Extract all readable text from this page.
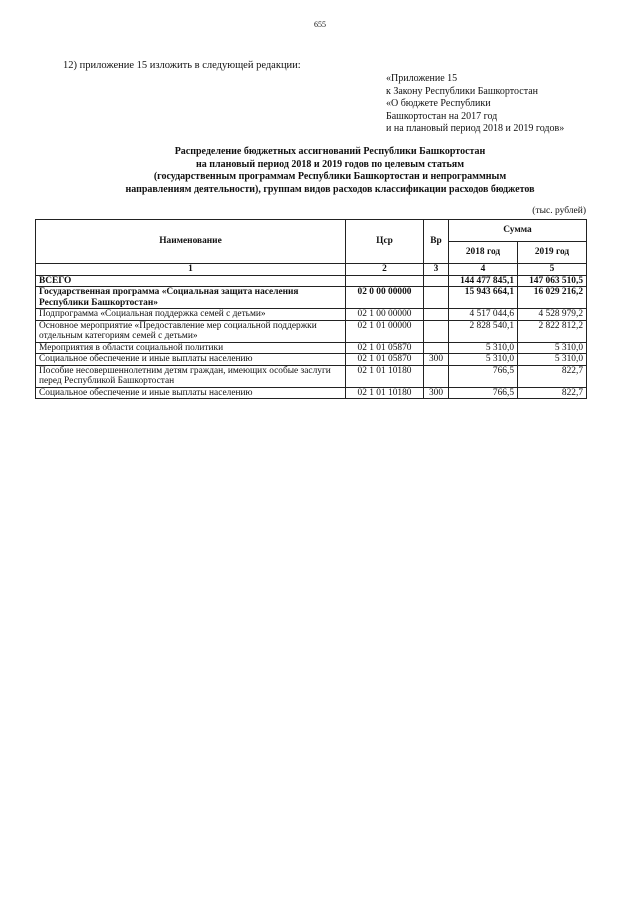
655
12) приложение 15 изложить в следующей редакции:
«Приложение 15
к Закону Республики Башкортостан
«О бюджете Республики
Башкортостан на 2017 год
и на плановый период 2018 и 2019 годов»
Распределение бюджетных ассигнований Республики Башкортостан
на плановый период 2018 и 2019 годов по целевым статьям
(государственным программам Республики Башкортостан и непрограммным
направлениям деятельности), группам видов расходов классификации расходов бюджетов
(тыс. рублей)
Наименование	Цср	Вр	Сумма	
			2018 год	2019 год
1	2	3	4	5
ВСЕГО			144 477 845,1	147 063 510,5
Государственная программа «Социальная защита населения Республики Башкортостан»	02 0 00 00000		15 943 664,1	16 029 216,2
Подпрограмма «Социальная поддержка семей с детьми»	02 1 00 00000		4 517 044,6	4 528 979,2
Основное мероприятие «Предоставление мер социальной поддержки отдельным категориям семей с детьми»	02 1 01 00000		2 828 540,1	2 822 812,2
Мероприятия в области социальной политики	02 1 01 05870		5 310,0	5 310,0
Социальное обеспечение и иные выплаты населению	02 1 01 05870	300	5 310,0	5 310,0
Пособие несовершеннолетним детям граждан, имеющих особые заслуги перед Республикой Башкортостан	02 1 01 10180		766,5	822,7
Социальное обеспечение и иные выплаты населению	02 1 01 10180	300	766,5	822,7
